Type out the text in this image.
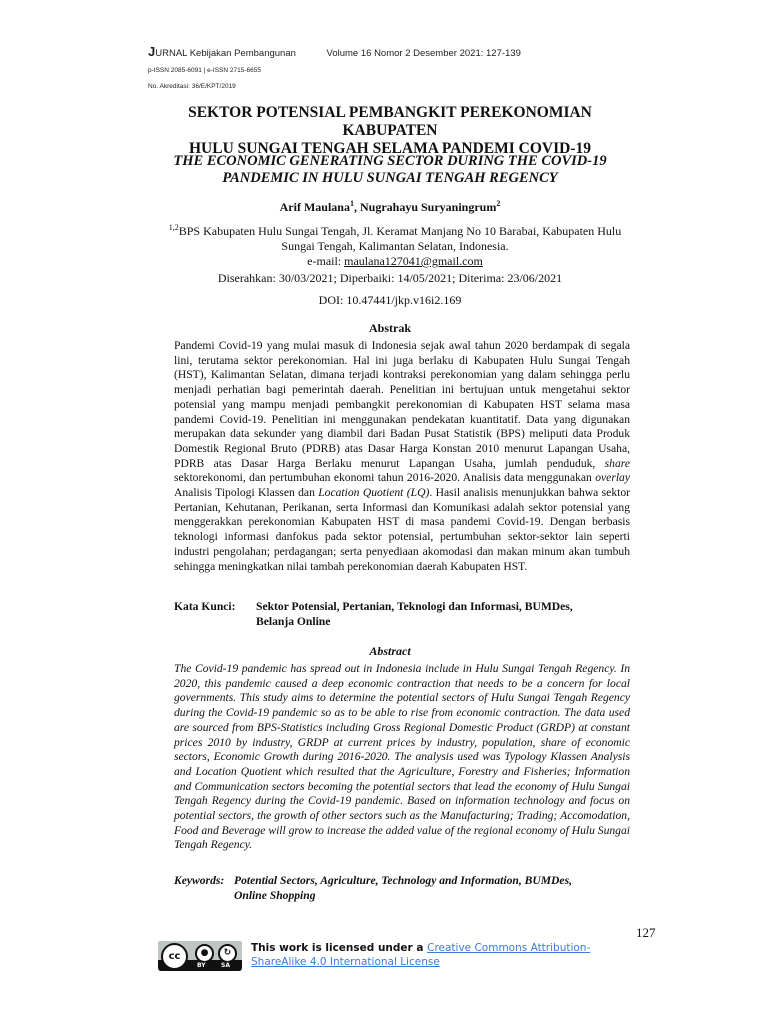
JURNAL Kebijakan Pembangunan	Volume 16 Nomor 2 Desember 2021: 127-139
p-ISSN 2085-6091 | e-ISSN 2715-6655
No. Akreditasi: 36/E/KPT/2019
SEKTOR POTENSIAL PEMBANGKIT PEREKONOMIAN KABUPATEN
HULU SUNGAI TENGAH SELAMA PANDEMI COVID-19
THE ECONOMIC GENERATING SECTOR DURING THE COVID-19
PANDEMIC IN HULU SUNGAI TENGAH REGENCY
Arif Maulana$^1$, Nugrahayu Suryaningrum$^2$
$^{1,2}$BPS Kabupaten Hulu Sungai Tengah, Jl. Keramat Manjang No 10 Barabai, Kabupaten Hulu
Sungai Tengah, Kalimantan Selatan, Indonesia.
e-mail: maulana127041@gmail.com
Diserahkan: 30/03/2021; Diperbaiki: 14/05/2021; Diterima: 23/06/2021
DOI: 10.47441/jkp.v16i2.169
Abstrak

Pandemi Covid-19 yang mulai masuk di Indonesia sejak awal tahun 2020 berdampak di segala lini, terutama sektor perekonomian. Hal ini juga berlaku di Kabupaten Hulu Sungai Tengah (HST), Kalimantan Selatan, dimana terjadi kontraksi perekonomian yang dalam sehingga perlu menjadi perhatian bagi pemerintah daerah. Penelitian ini bertujuan untuk mengetahui sektor potensial yang mampu menjadi pembangkit perekonomian di Kabupaten HST selama masa pandemi Covid-19. Penelitian ini menggunakan pendekatan kuantitatif. Data yang digunakan merupakan data sekunder yang diambil dari Badan Pusat Statistik (BPS) meliputi data Produk Domestik Regional Bruto (PDRB) atas Dasar Harga Konstan 2010 menurut Lapangan Usaha, PDRB atas Dasar Harga Berlaku menurut Lapangan Usaha, jumlah penduduk, share sektorekonomi, dan pertumbuhan ekonomi tahun 2016-2020. Analisis data menggunakan overlay Analisis Tipologi Klassen dan Location Quotient (LQ). Hasil analisis menunjukkan bahwa sektor Pertanian, Kehutanan, Perikanan, serta Informasi dan Komunikasi adalah sektor potensial yang menggerakkan perekonomian Kabupaten HST di masa pandemi Covid-19. Dengan berbasis teknologi informasi danfokus pada sektor potensial, pertumbuhan sektor-sektor lain seperti industri pengolahan; perdagangan; serta penyediaan akomodasi dan makan minum akan tumbuh sehingga meningkatkan nilai tambah perekonomian daerah Kabupaten HST.

Kata Kunci: Sektor Potensial, Pertanian, Teknologi dan Informasi, BUMDes,
Belanja Online
Abstract

The Covid-19 pandemic has spread out in Indonesia include in Hulu Sungai Tengah Regency. In 2020, this pandemic caused a deep economic contraction that needs to be a concern for local governments. This study aims to determine the potential sectors of Hulu Sungai Tengah Regency during the Covid-19 pandemic so as to be able to rise from economic contraction. The data used are sourced from BPS-Statistics including Gross Regional Domestic Product (GRDP) at constant prices 2010 by industry, GRDP at current prices by industry, population, share of economic sectors, Economic Growth during 2016-2020. The analysis used was Typology Klassen Analysis and Location Quotient which resulted that the Agriculture, Forestry and Fisheries; Information and Communication sectors becoming the potential sectors that lead the economy of Hulu Sungai Tengah Regency during the Covid-19 pandemic. Based on information technology and focus on potential sectors, the growth of other sectors such as the Manufacturing; Trading; Accomodation, Food and Beverage will grow to increase the added value of the regional economy of Hulu Sungai Tengah Regency.

Keywords: Potential Sectors, Agriculture, Technology and Information, BUMDes,
Online Shopping
127
cc	●	↻
BY	SA
This work is licensed under a Creative Commons Attribution-ShareAlike 4.0 International License
